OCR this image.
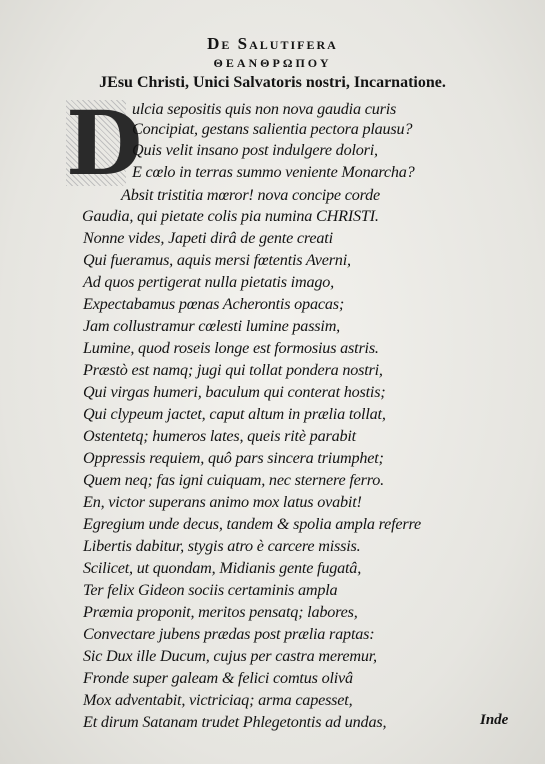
De Salutifera
ΘΕΑΝΘΡΩΠΟΥ
JEsu Christi, Unici Salvatoris nostri, Incarnatione.
D
ulcia sepositis quis non nova gaudia curis
Concipiat, gestans salientia pectora plausu?
Quis velit insano post indulgere dolori,
E cœlo in terras summo veniente Monarcha?
Absit tristitia mœror! nova concipe corde
Gaudia, qui pietate colis pia numina CHRISTI.
Nonne vides, Japeti dirâ de gente creati
Qui fueramus, aquis mersi fœtentis Averni,
Ad quos pertigerat nulla pietatis imago,
Expectabamus pœnas Acherontis opacas;
Jam collustramur cœlesti lumine passim,
Lumine, quod roseis longe est formosius astris.
Præstò est namq; jugi qui tollat pondera nostri,
Qui virgas humeri, baculum qui conterat hostis;
Qui clypeum jactet, caput altum in prælia tollat,
Ostentetq; humeros lates, queis ritè parabit
Oppressis requiem, quô pars sincera triumphet;
Quem neq; fas igni cuiquam, nec sternere ferro.
En, victor superans animo mox latus ovabit!
Egregium unde decus, tandem & spolia ampla referre
Libertis dabitur, stygis atro è carcere missis.
Scilicet, ut quondam, Midianis gente fugatâ,
Ter felix Gideon sociis certaminis ampla
Præmia proponit, meritos pensatq; labores,
Convectare jubens prædas post prælia raptas:
Sic Dux ille Ducum, cujus per castra meremur,
Fronde super galeam & felici comtus olivâ
Mox adventabit, victriciaq; arma capesset,
Et dirum Satanam trudet Phlegetontis ad undas,	Inde
